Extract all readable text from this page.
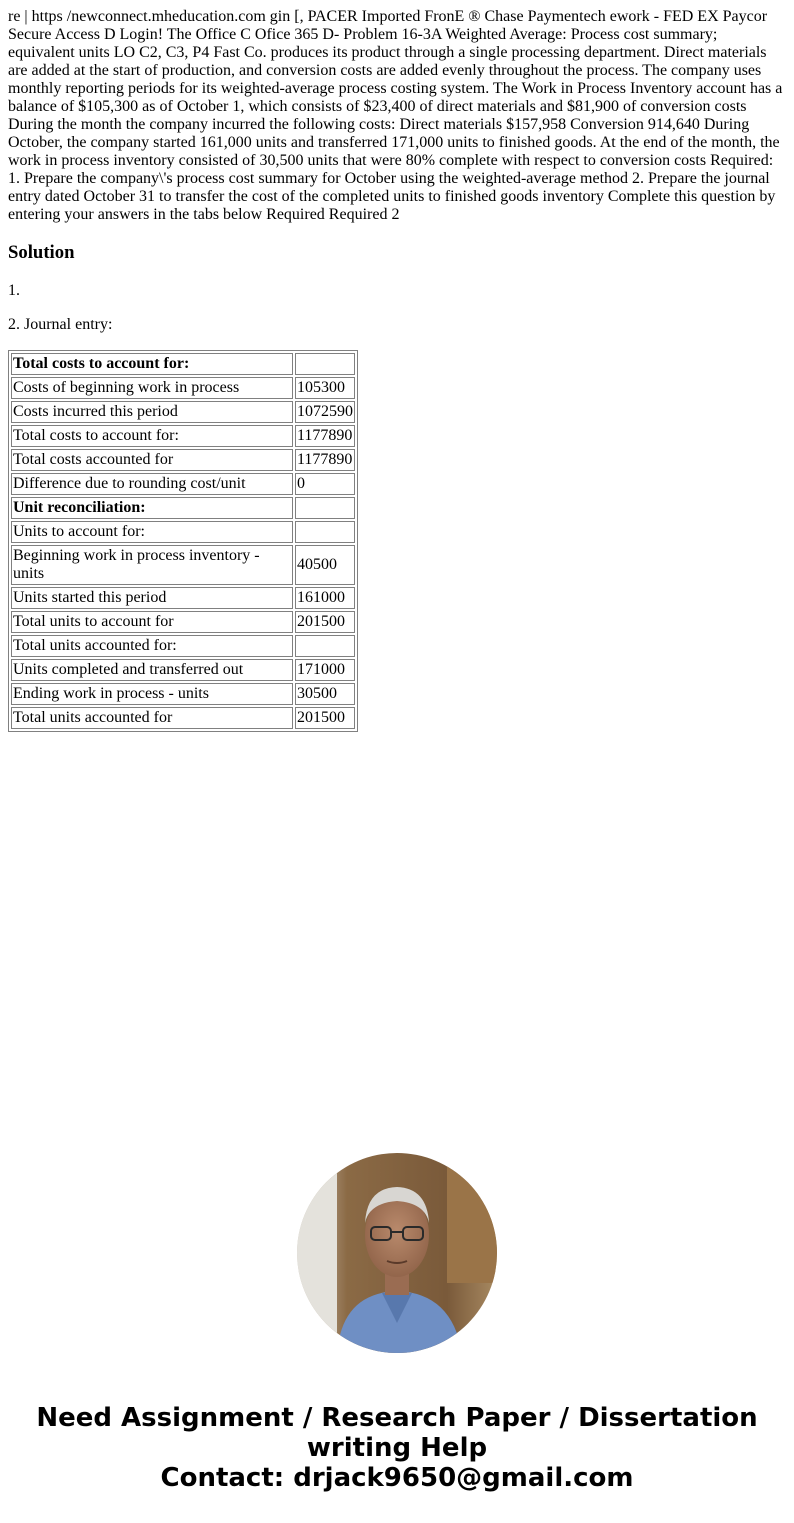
re | https /newconnect.mheducation.com gin [, PACER Imported FronE ® Chase Paymentech ework - FED EX Paycor Secure Access D Login! The Office C Ofice 365 D- Problem 16-3A Weighted Average: Process cost summary; equivalent units LO C2, C3, P4 Fast Co. produces its product through a single processing department. Direct materials are added at the start of production, and conversion costs are added evenly throughout the process. The company uses monthly reporting periods for its weighted-average process costing system. The Work in Process Inventory account has a balance of $105,300 as of October 1, which consists of $23,400 of direct materials and $81,900 of conversion costs During the month the company incurred the following costs: Direct materials $157,958 Conversion 914,640 During October, the company started 161,000 units and transferred 171,000 units to finished goods. At the end of the month, the work in process inventory consisted of 30,500 units that were 80% complete with respect to conversion costs Required: 1. Prepare the company\'s process cost summary for October using the weighted-average method 2. Prepare the journal entry dated October 31 to transfer the cost of the completed units to finished goods inventory Complete this question by entering your answers in the tabs below Required Required 2
Solution

1.

2. Journal entry:

Total costs to account for:	
Costs of beginning work in process	105300
Costs incurred this period	1072590
Total costs to account for:	1177890
Total costs accounted for	1177890
Difference due to rounding cost/unit	0
Unit reconciliation:	
Units to account for:	
Beginning work in process inventory - units	40500
Units started this period	161000
Total units to account for	201500
Total units accounted for:	
Units completed and transferred out	171000
Ending work in process - units	30500
Total units accounted for	201500
Need Assignment / Research Paper / Dissertation
writing Help
Contact: drjack9650@gmail.com
